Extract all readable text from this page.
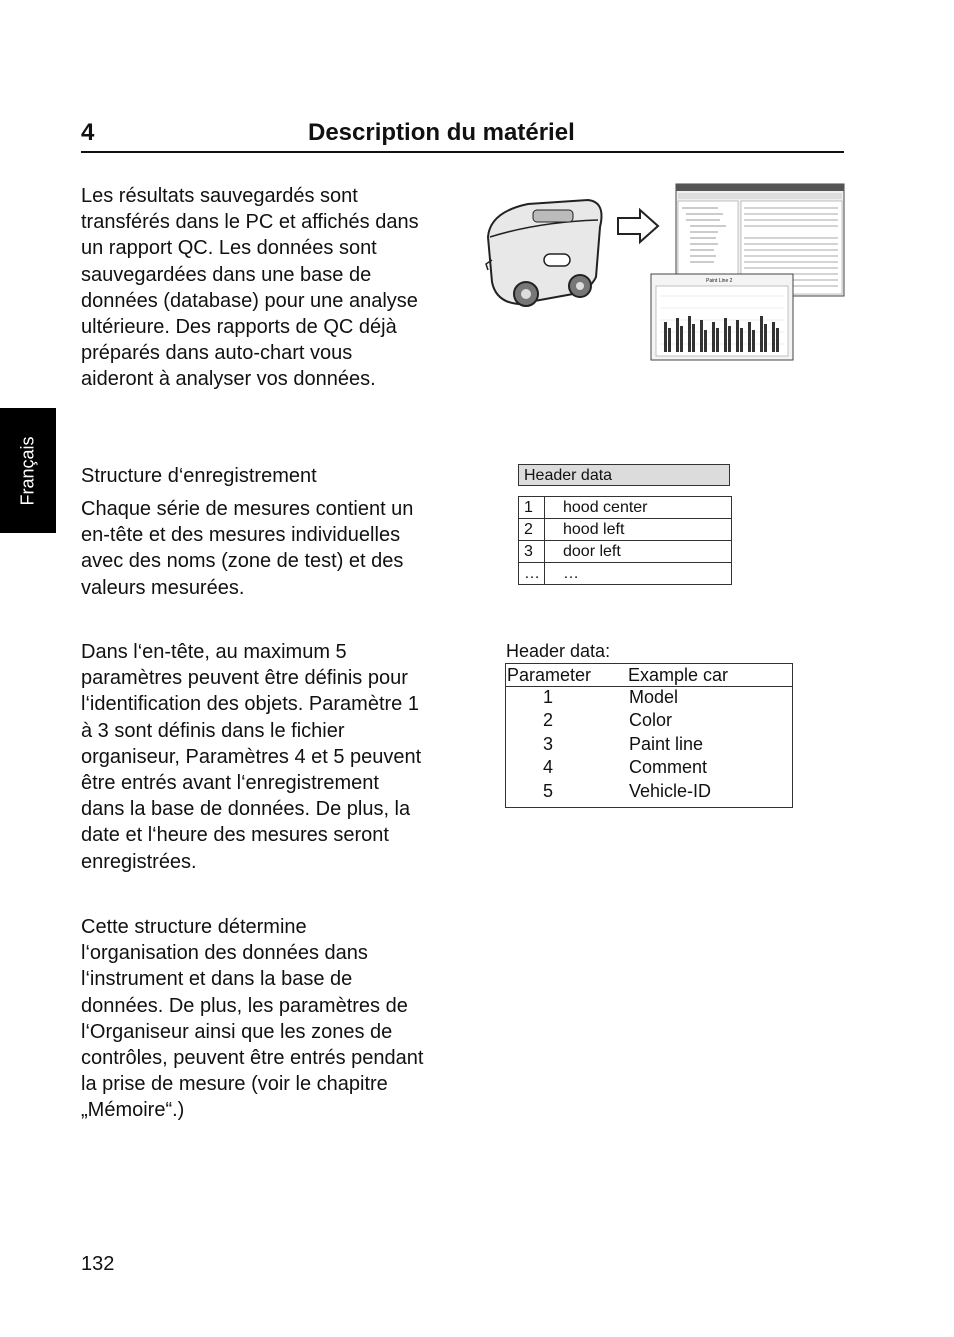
4	Description du matériel
Français
Les résultats sauvegardés sont
transférés dans le PC et affichés dans
un rapport QC. Les données sont
sauvegardées dans une base de
données (database) pour une analyse
ultérieure. Des rapports de QC déjà
préparés dans auto-chart vous
aideront à analyser vos données.
Structure d‘enregistrement
Chaque série de mesures contient un
en-tête et des mesures individuelles
avec des noms (zone de test) et des
valeurs mesurées.
Dans l‘en-tête, au maximum 5
paramètres peuvent être définis pour
l‘identification des objets. Paramètre 1
à 3 sont définis dans le fichier
organiseur, Paramètres 4 et 5 peuvent
être entrés avant l‘enregistrement
dans la base de données. De plus, la
date et l‘heure des mesures seront
enregistrées.
Cette structure détermine
l‘organisation des données dans
l‘instrument et dans la base de
données. De plus, les paramètres de
l‘Organiseur ainsi que les zones de
contrôles, peuvent être entrés pendant
la prise de mesure (voir le chapitre
„Mémoire“.)
Paint Line 2
Header data
1	hood center
2	hood left
3	door left
…	…
Header data:
Parameter Example car
1	Model
2	Color
3	Paint line
4	Comment
5	Vehicle-ID
132
